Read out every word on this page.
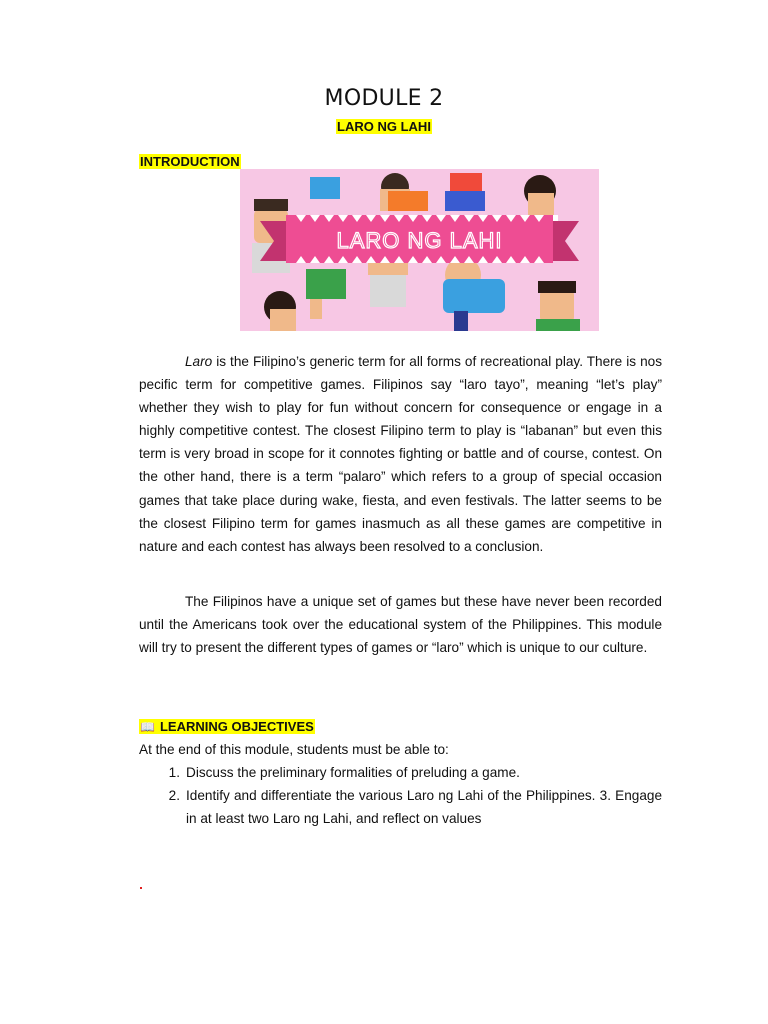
MODULE 2
LARO NG LAHI
INTRODUCTION
LARO NG LAHI
Laro is the Filipino’s generic term for all forms of recreational play. There is nos pecific term for competitive games. Filipinos say “laro tayo”, meaning “let’s play” whether they wish to play for fun without concern for consequence or engage in a highly competitive contest. The closest Filipino term to play is “labanan” but even this term is very broad in scope for it connotes fighting or battle and of course, contest. On the other hand, there is a term “palaro” which refers to a group of special occasion games that take place during wake, fiesta, and even festivals. The latter seems to be the closest Filipino term for games inasmuch as all these games are competitive in nature and each contest has always been resolved to a conclusion.
The Filipinos have a unique set of games but these have never been recorded until the Americans took over the educational system of the Philippines. This module will try to present the different types of games or “laro” which is unique to our culture.
📖 LEARNING OBJECTIVES
At the end of this module, students must be able to:
1. Discuss the preliminary formalities of preluding a game.
2. Identify and differentiate the various Laro ng Lahi of the Philippines. 3. Engage in at least two Laro ng Lahi, and reflect on values
